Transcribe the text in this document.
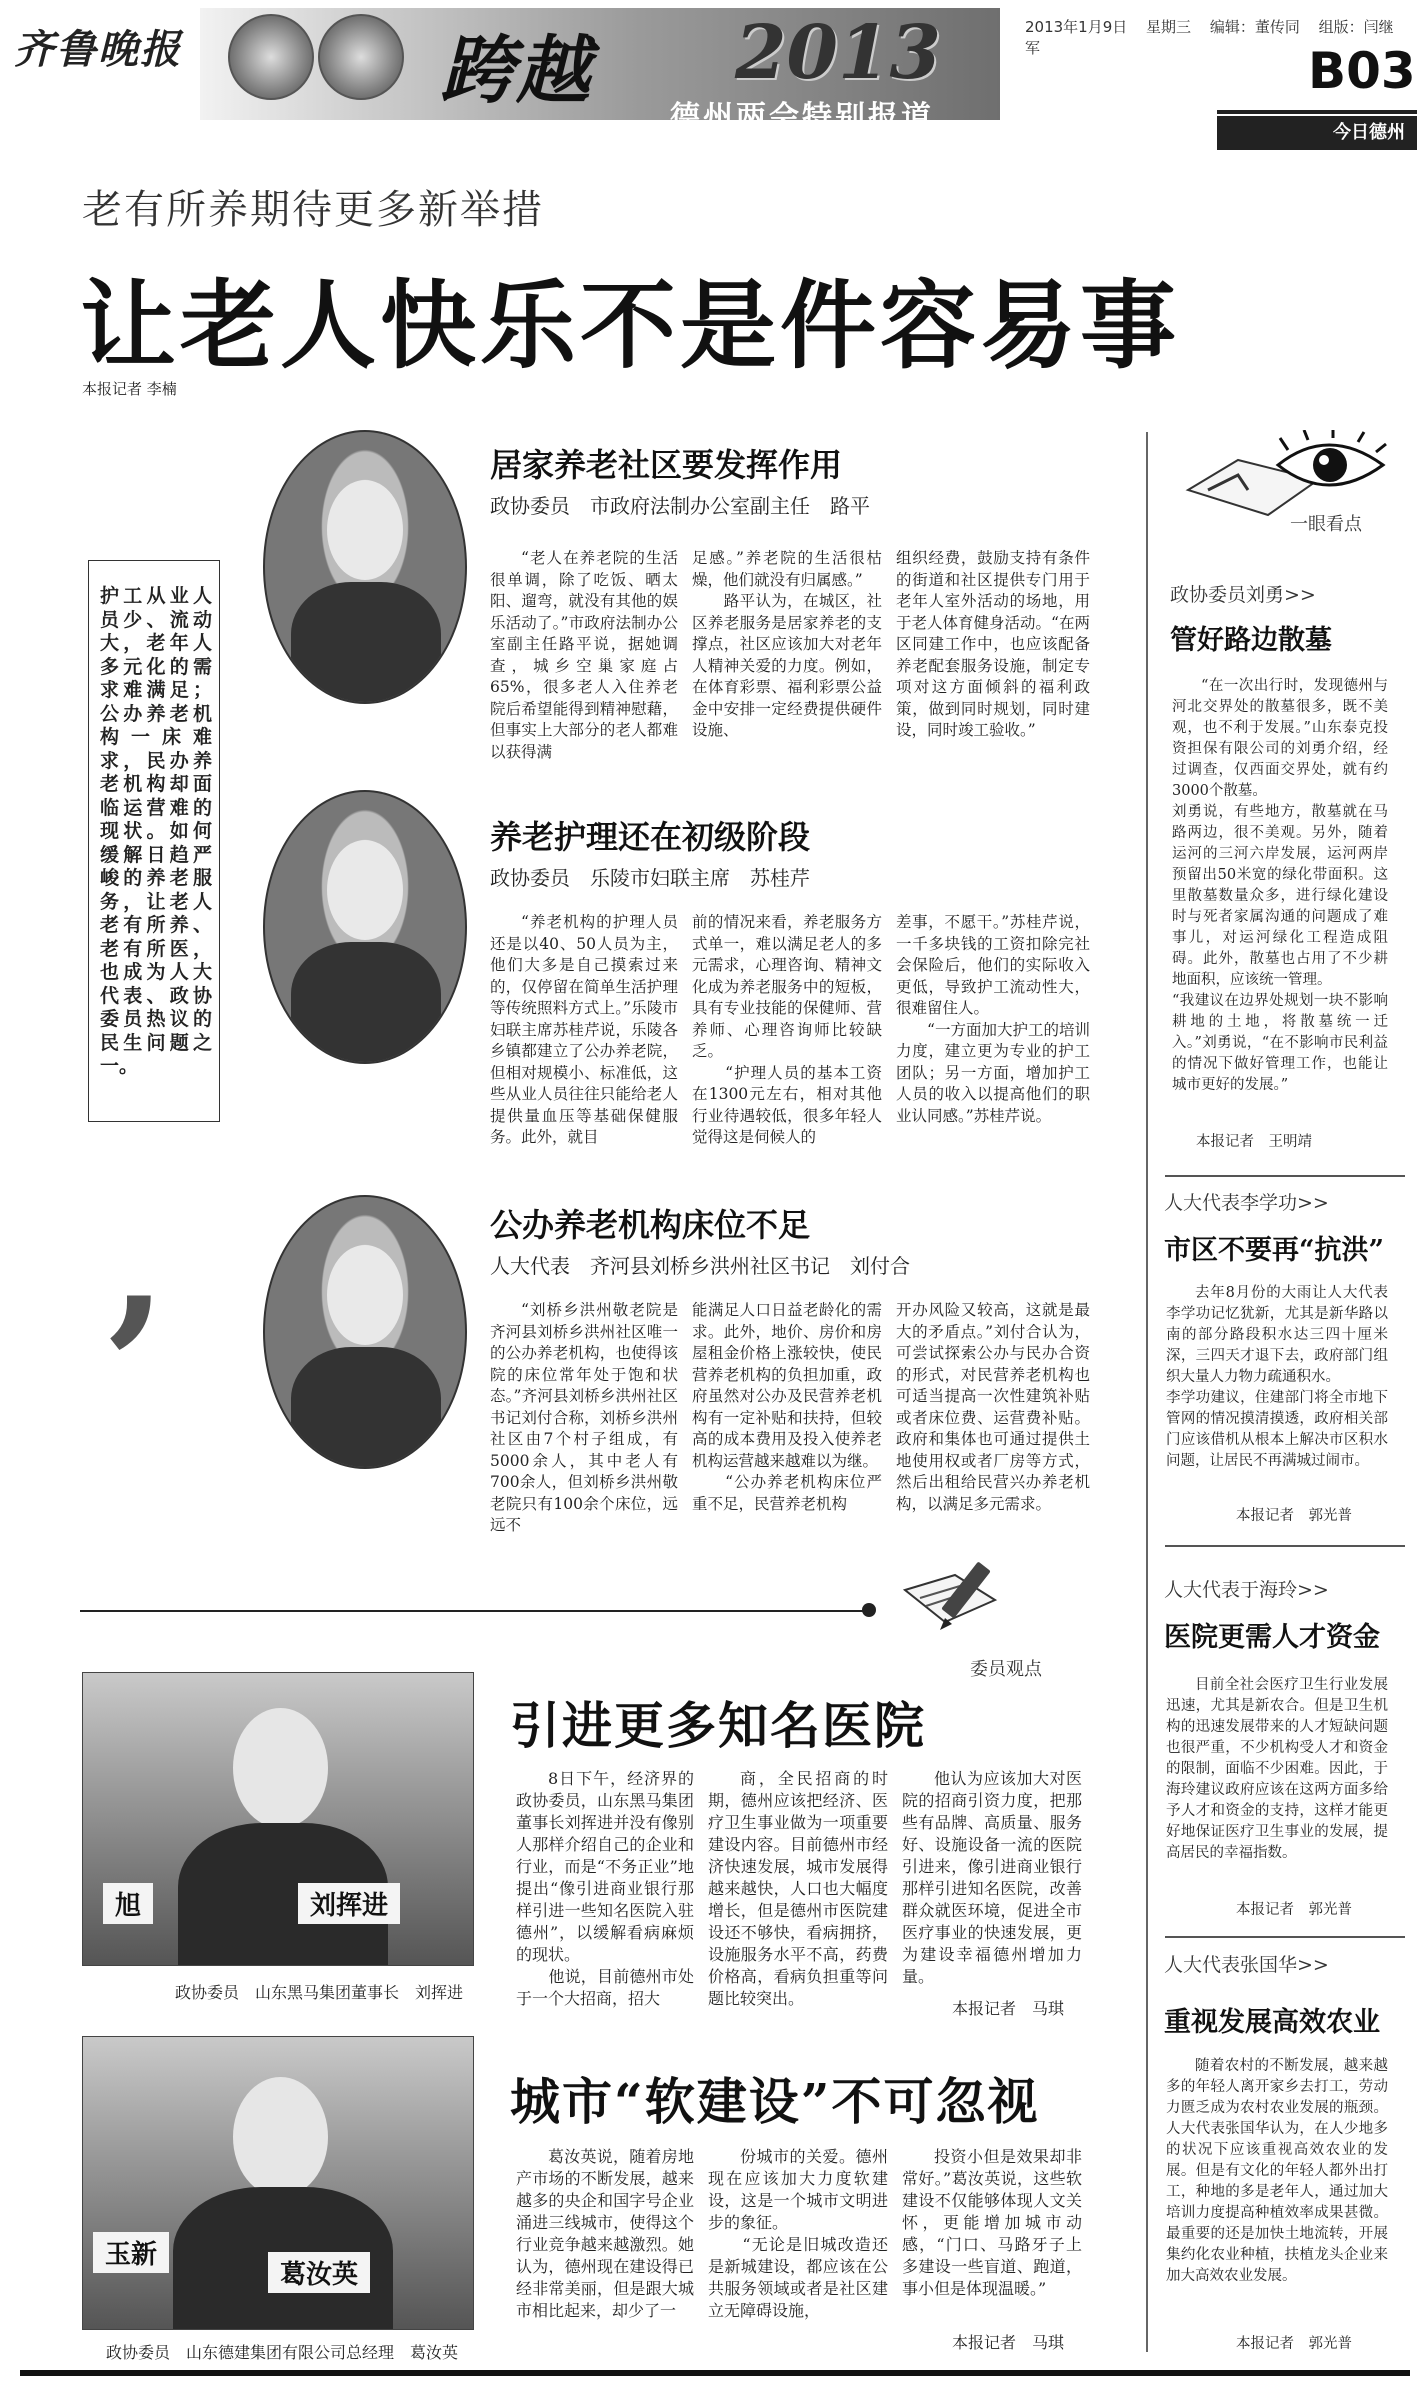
齐鲁晚报	跨越 2013
德州两会特别报道
2013年1月9日 星期三 编辑：董传同 组版：闫继军	B03
今日德州
老有所养期待更多新举措
让老人快乐不是件容易事
本报记者 李楠
护工从业人员少、流动大，老年人多元化的需求难满足；公办养老机构一床难求，民办养老机构却面临运营难的现状。如何缓解日趋严峻的养老服务，让老人老有所养、老有所医，也成为人大代表、政协委员热议的民生问题之一。
,
居家养老社区要发挥作用
政协委员　市政府法制办公室副主任　路平
“老人在养老院的生活很单调，除了吃饭、晒太阳、遛弯，就没有其他的娱乐活动了。”市政府法制办公室副主任路平说，据她调查，城乡空巢家庭占65%，很多老人入住养老院后希望能得到精神慰藉，但事实上大部分的老人都难以获得满
足感。”养老院的生活很枯燥，他们就没有归属感。”
　　路平认为，在城区，社区养老服务是居家养老的支撑点，社区应该加大对老年人精神关爱的力度。例如，在体育彩票、福利彩票公益金中安排一定经费提供硬件设施、
组织经费，鼓励支持有条件的街道和社区提供专门用于老年人室外活动的场地，用于老人体育健身活动。“在两区同建工作中，也应该配备养老配套服务设施，制定专项对这方面倾斜的福利政策，做到同时规划，同时建设，同时竣工验收。”
养老护理还在初级阶段
政协委员　乐陵市妇联主席　苏桂芹
“养老机构的护理人员还是以40、50人员为主，他们大多是自己摸索过来的，仅停留在简单生活护理等传统照料方式上。”乐陵市妇联主席苏桂芹说，乐陵各乡镇都建立了公办养老院，但相对规模小、标准低，这些从业人员往往只能给老人提供量血压等基础保健服务。此外，就目
前的情况来看，养老服务方式单一，难以满足老人的多元需求，心理咨询、精神文化成为养老服务中的短板，具有专业技能的保健师、营养师、心理咨询师比较缺乏。
　　“护理人员的基本工资在1300元左右，相对其他行业待遇较低，很多年轻人觉得这是伺候人的
差事，不愿干。”苏桂芹说，一千多块钱的工资扣除完社会保险后，他们的实际收入更低，导致护工流动性大，很难留住人。
　　“一方面加大护工的培训力度，建立更为专业的护工团队；另一方面，增加护工人员的收入以提高他们的职业认同感。”苏桂芹说。
公办养老机构床位不足
人大代表　齐河县刘桥乡洪州社区书记　刘付合
“刘桥乡洪州敬老院是齐河县刘桥乡洪州社区唯一的公办养老机构，也使得该院的床位常年处于饱和状态。”齐河县刘桥乡洪州社区书记刘付合称，刘桥乡洪州社区由7个村子组成，有5000余人，其中老人有700余人，但刘桥乡洪州敬老院只有100余个床位，远远不
能满足人口日益老龄化的需求。此外，地价、房价和房屋租金价格上涨较快，使民营养老机构的负担加重，政府虽然对公办及民营养老机构有一定补贴和扶持，但较高的成本费用及投入使养老机构运营越来越难以为继。
　　“公办养老机构床位严重不足，民营养老机构
开办风险又较高，这就是最大的矛盾点。”刘付合认为，可尝试探索公办与民办合资的形式，对民营养老机构也可适当提高一次性建筑补贴或者床位费、运营费补贴。政府和集体也可通过提供土地使用权或者厂房等方式，然后出租给民营兴办养老机构，以满足多元需求。
一眼看点
政协委员刘勇>>
管好路边散墓
“在一次出行时，发现德州与河北交界处的散墓很多，既不美观，也不利于发展。”山东泰克投资担保有限公司的刘勇介绍，经过调查，仅西面交界处，就有约3000个散墓。
刘勇说，有些地方，散墓就在马路两边，很不美观。另外，随着运河的三河六岸发展，运河两岸预留出50米宽的绿化带面积。这里散墓数量众多，进行绿化建设时与死者家属沟通的问题成了难事儿，对运河绿化工程造成阻碍。此外，散墓也占用了不少耕地面积，应该统一管理。
“我建议在边界处规划一块不影响耕地的土地，将散墓统一迁入。”刘勇说，“在不影响市民利益的情况下做好管理工作，也能让城市更好的发展。”
本报记者　王明靖
人大代表李学功>>
市区不要再“抗洪”
去年8月份的大雨让人大代表李学功记忆犹新，尤其是新华路以南的部分路段积水达三四十厘米深，三四天才退下去，政府部门组织大量人力物力疏通积水。
李学功建议，住建部门将全市地下管网的情况摸清摸透，政府相关部门应该借机从根本上解决市区积水问题，让居民不再满城过闹市。
本报记者　郭光普
人大代表于海玲>>
医院更需人才资金
目前全社会医疗卫生行业发展迅速，尤其是新农合。但是卫生机构的迅速发展带来的人才短缺问题也很严重，不少机构受人才和资金的限制，面临不少困难。因此，于海玲建议政府应该在这两方面多给予人才和资金的支持，这样才能更好地保证医疗卫生事业的发展，提高居民的幸福指数。
本报记者　郭光普
人大代表张国华>>
重视发展高效农业
随着农村的不断发展，越来越多的年轻人离开家乡去打工，劳动力匮乏成为农村农业发展的瓶颈。人大代表张国华认为，在人少地多的状况下应该重视高效农业的发展。但是有文化的年轻人都外出打工，种地的多是老年人，通过加大培训力度提高种植效率成果甚微。最重要的还是加快土地流转，开展集约化农业种植，扶植龙头企业来加大高效农业发展。
本报记者　郭光普
委员观点
刘挥进
旭
政协委员　山东黑马集团董事长　刘挥进
引进更多知名医院
8日下午，经济界的政协委员，山东黑马集团董事长刘挥进并没有像别人那样介绍自己的企业和行业，而是“不务正业”地提出“像引进商业银行那样引进一些知名医院入驻德州”，以缓解看病麻烦的现状。
　　他说，目前德州市处于一个大招商，招大
商，全民招商的时期，德州应该把经济、医疗卫生事业做为一项重要建设内容。目前德州市经济快速发展，城市发展得越来越快，人口也大幅度增长，但是德州市医院建设还不够快，看病拥挤，设施服务水平不高，药费价格高，看病负担重等问题比较突出。
他认为应该加大对医院的招商引资力度，把那些有品牌、高质量、服务好、设施设备一流的医院引进来，像引进商业银行那样引进知名医院，改善群众就医环境，促进全市医疗事业的快速发展，更为建设幸福德州增加力量。
本报记者　马琪
葛汝英
玉新
政协委员　山东德建集团有限公司总经理　葛汝英
城市“软建设”不可忽视
葛汝英说，随着房地产市场的不断发展，越来越多的央企和国字号企业涌进三线城市，使得这个行业竞争越来越激烈。她认为，德州现在建设得已经非常美丽，但是跟大城市相比起来，却少了一
份城市的关爱。德州现在应该加大力度软建设，这是一个城市文明进步的象征。
　　“无论是旧城改造还是新城建设，都应该在公共服务领域或者是社区建立无障碍设施，
投资小但是效果却非常好。”葛汝英说，这些软建设不仅能够体现人文关怀，更能增加城市动感，“门口、马路牙子上多建设一些盲道、跑道，事小但是体现温暖。”
本报记者　马琪
